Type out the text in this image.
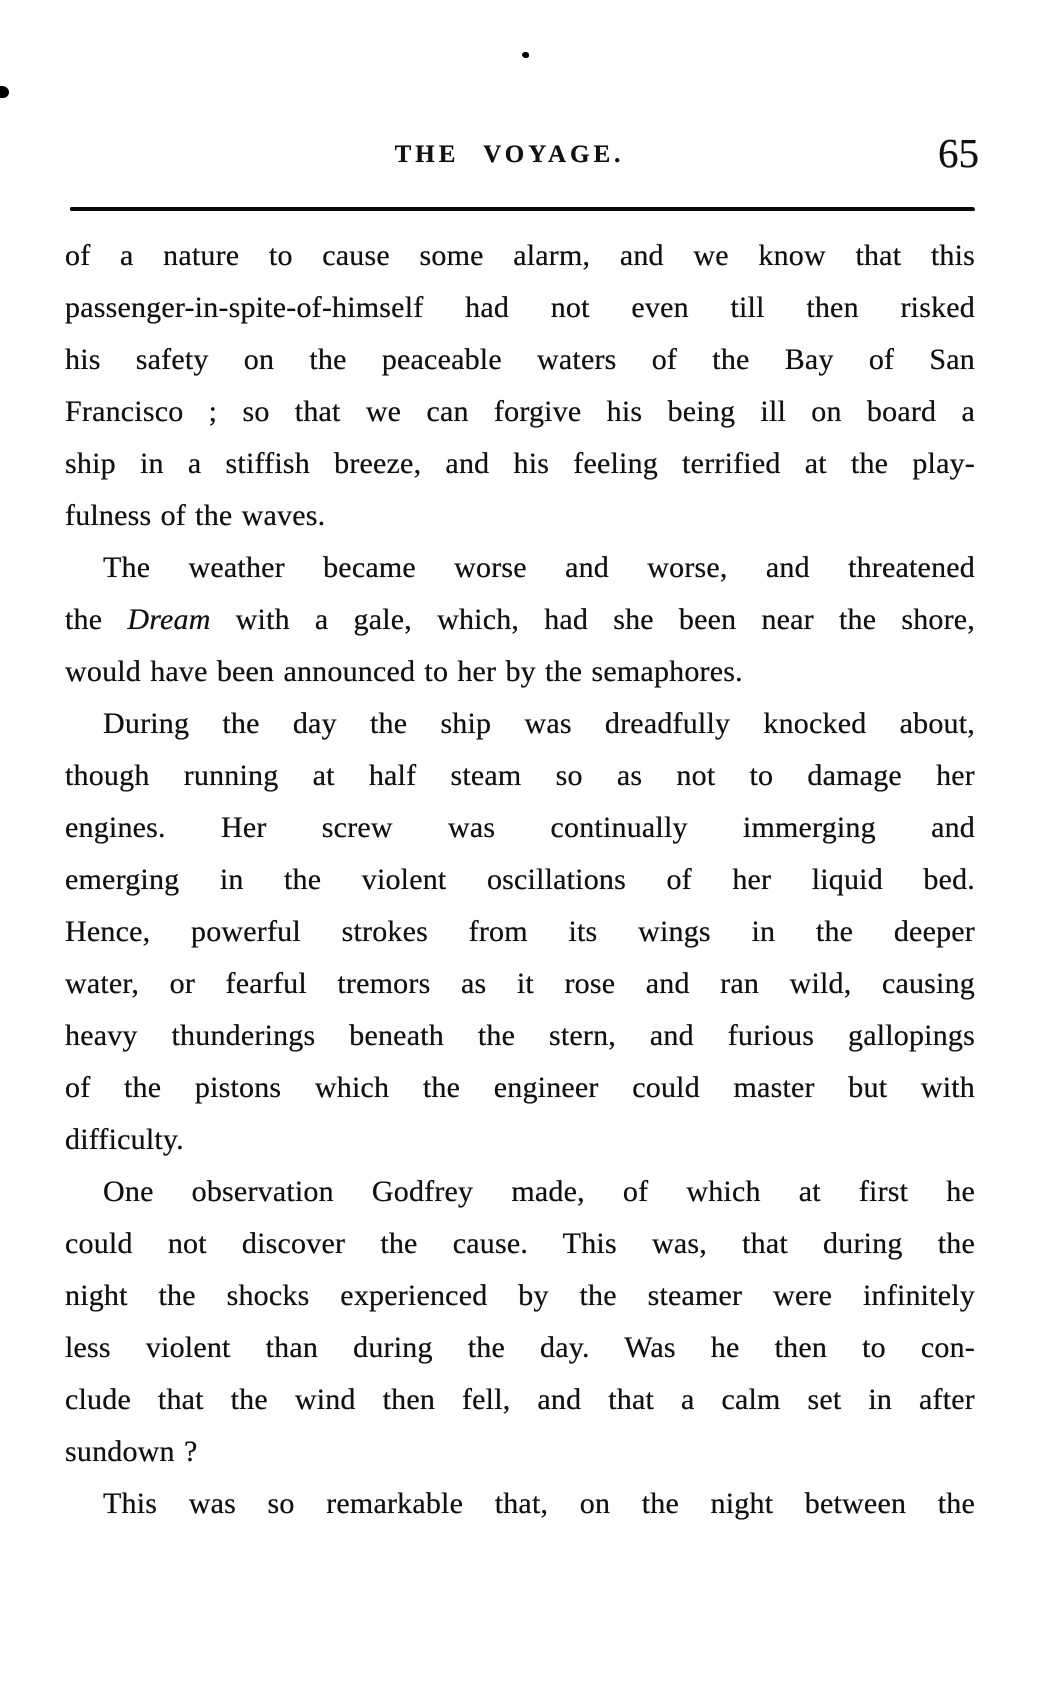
THE VOYAGE.	65
of a nature to cause some alarm, and we know that this
passenger-in-spite-of-himself had not even till then risked
his safety on the peaceable waters of the Bay of San
Francisco ; so that we can forgive his being ill on board a
ship in a stiffish breeze, and his feeling terrified at the play-
fulness of the waves.
The weather became worse and worse, and threatened
the Dream with a gale, which, had she been near the shore,
would have been announced to her by the semaphores.
During the day the ship was dreadfully knocked about,
though running at half steam so as not to damage her
engines. Her screw was continually immerging and
emerging in the violent oscillations of her liquid bed.
Hence, powerful strokes from its wings in the deeper
water, or fearful tremors as it rose and ran wild, causing
heavy thunderings beneath the stern, and furious gallopings
of the pistons which the engineer could master but with
difficulty.
One observation Godfrey made, of which at first he
could not discover the cause. This was, that during the
night the shocks experienced by the steamer were infinitely
less violent than during the day. Was he then to con-
clude that the wind then fell, and that a calm set in after
sundown ?
This was so remarkable that, on the night between the
